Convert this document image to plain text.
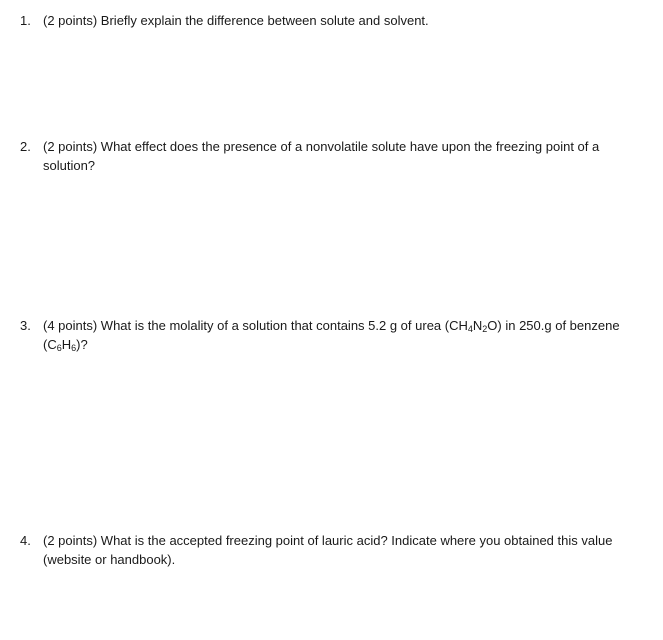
1. (2 points) Briefly explain the difference between solute and solvent.
2. (2 points) What effect does the presence of a nonvolatile solute have upon the freezing point of a solution?
3. (4 points) What is the molality of a solution that contains 5.2 g of urea $(CH_4N_2O)$ in 250.g of benzene $(C_6H_6)$?
4. (2 points) What is the accepted freezing point of lauric acid? Indicate where you obtained this value (website or handbook).
